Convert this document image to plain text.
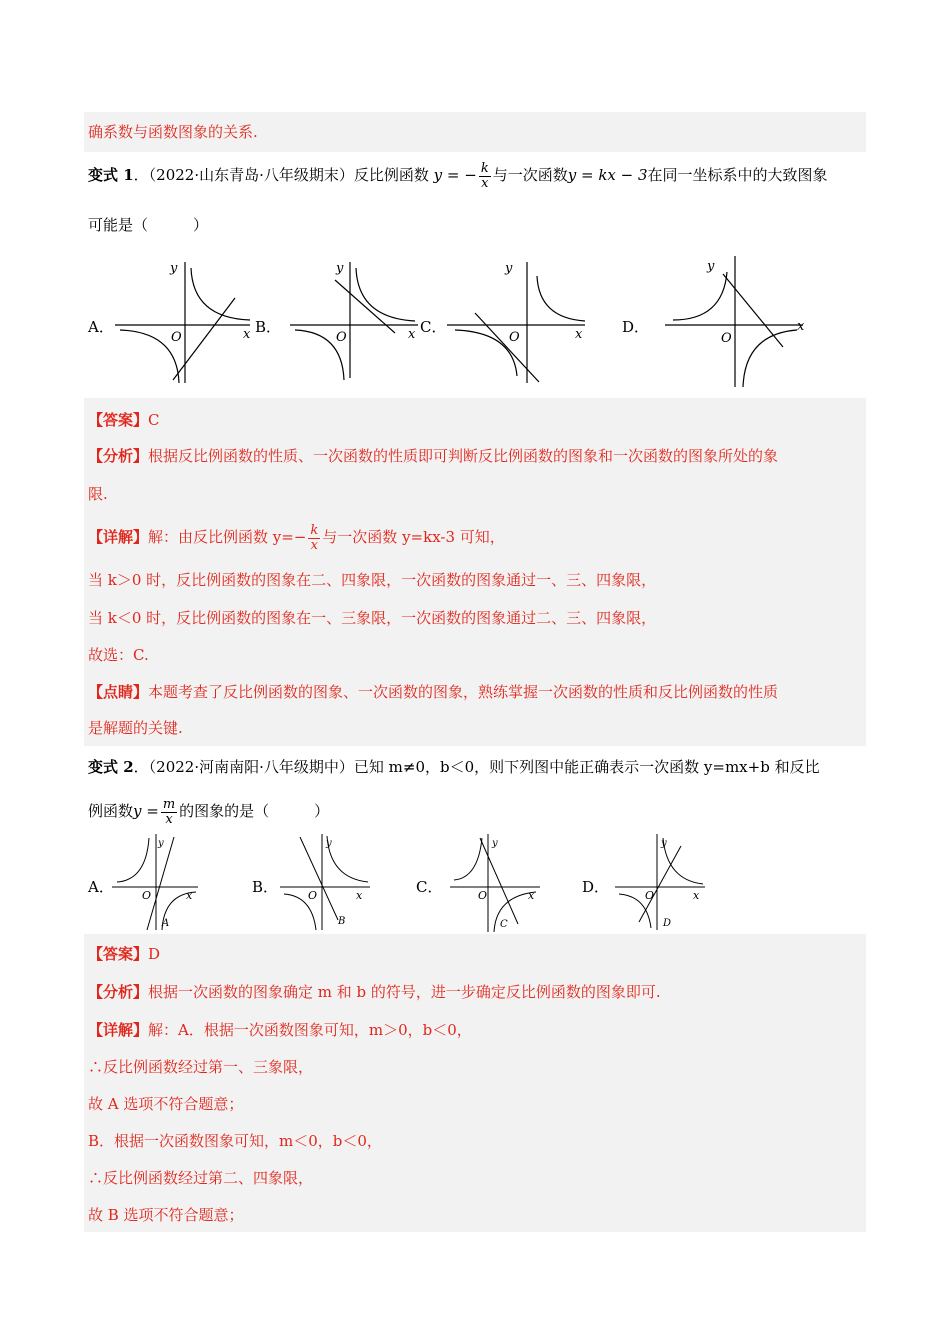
确系数与函数图象的关系.
变式 1．（2022·山东青岛·八年级期末）反比例函数 y = − $\frac{k}{x}$ 与一次函数y = kx − 3在同一坐标系中的大致图象
可能是（　　　）
A．	B．	C．	D．
y
x
O
y
x
O
y
x
O
y
x
O
【答案】C
【分析】根据反比例函数的性质、一次函数的性质即可判断反比例函数的图象和一次函数的图象所处的象
限.
【详解】解：由反比例函数 $y=- \frac{k}{x}$ 与一次函数 y=kx-3 可知，
当 k＞0 时，反比例函数的图象在二、四象限，一次函数的图象通过一、三、四象限，
当 k＜0 时，反比例函数的图象在一、三象限，一次函数的图象通过二、三、四象限，
故选：C.
【点睛】本题考查了反比例函数的图象、一次函数的图象，熟练掌握一次函数的性质和反比例函数的性质
是解题的关键.
变式 2．（2022·河南南阳·八年级期中）已知 m≠0，b＜0，则下列图中能正确表示一次函数 y=mx+b 和反比
例函数$y = \frac{m}{x}$ 的图象的是（　　　）
A．	B．	C．	D．
y
x
O
A
y
x
O
B
y
x
O
C
y
x
O
D
【答案】D
【分析】根据一次函数的图象确定 m 和 b 的符号，进一步确定反比例函数的图象即可.
【详解】解：A．根据一次函数图象可知，m＞0，b＜0，
∴反比例函数经过第一、三象限，
故 A 选项不符合题意；
B．根据一次函数图象可知，m＜0，b＜0，
∴反比例函数经过第二、四象限，
故 B 选项不符合题意；
